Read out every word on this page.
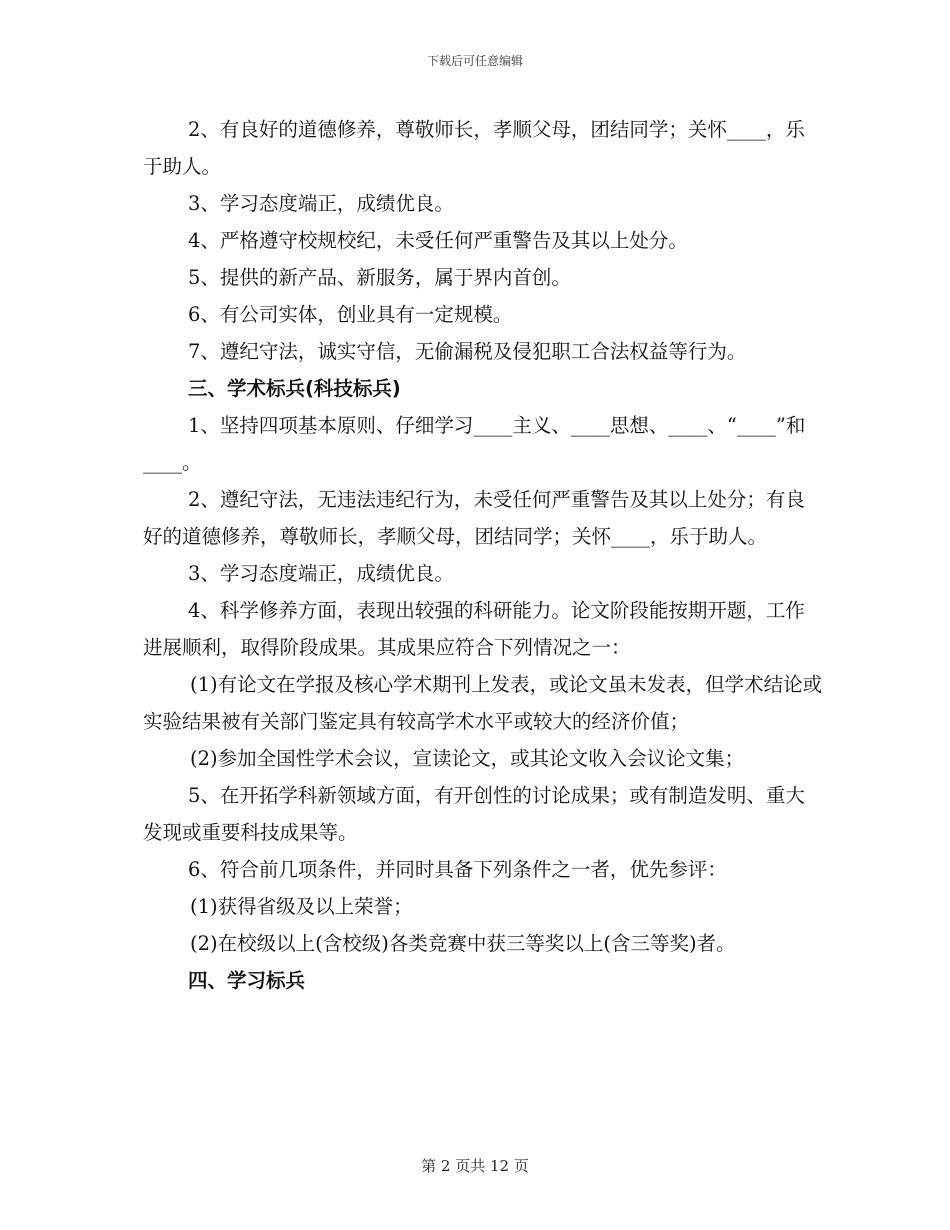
下载后可任意编辑

2、有良好的道德修养，尊敬师长，孝顺父母，团结同学；关怀____，乐于助人。

3、学习态度端正，成绩优良。

4、严格遵守校规校纪，未受任何严重警告及其以上处分。

5、提供的新产品、新服务，属于界内首创。

6、有公司实体，创业具有一定规模。

7、遵纪守法，诚实守信，无偷漏税及侵犯职工合法权益等行为。

三、学术标兵(科技标兵)

1、坚持四项基本原则、仔细学习____主义、____思想、____、“____”和____。

2、遵纪守法，无违法违纪行为，未受任何严重警告及其以上处分；有良好的道德修养，尊敬师长，孝顺父母，团结同学；关怀____，乐于助人。

3、学习态度端正，成绩优良。

4、科学修养方面，表现出较强的科研能力。论文阶段能按期开题，工作进展顺利，取得阶段成果。其成果应符合下列情况之一：

(1)有论文在学报及核心学术期刊上发表，或论文虽未发表，但学术结论或实验结果被有关部门鉴定具有较高学术水平或较大的经济价值；

(2)参加全国性学术会议，宣读论文，或其论文收入会议论文集；

5、在开拓学科新领域方面，有开创性的讨论成果；或有制造发明、重大发现或重要科技成果等。

6、符合前几项条件，并同时具备下列条件之一者，优先参评：

(1)获得省级及以上荣誉；

(2)在校级以上(含校级)各类竞赛中获三等奖以上(含三等奖)者。

四、学习标兵

第 2 页共 12 页
